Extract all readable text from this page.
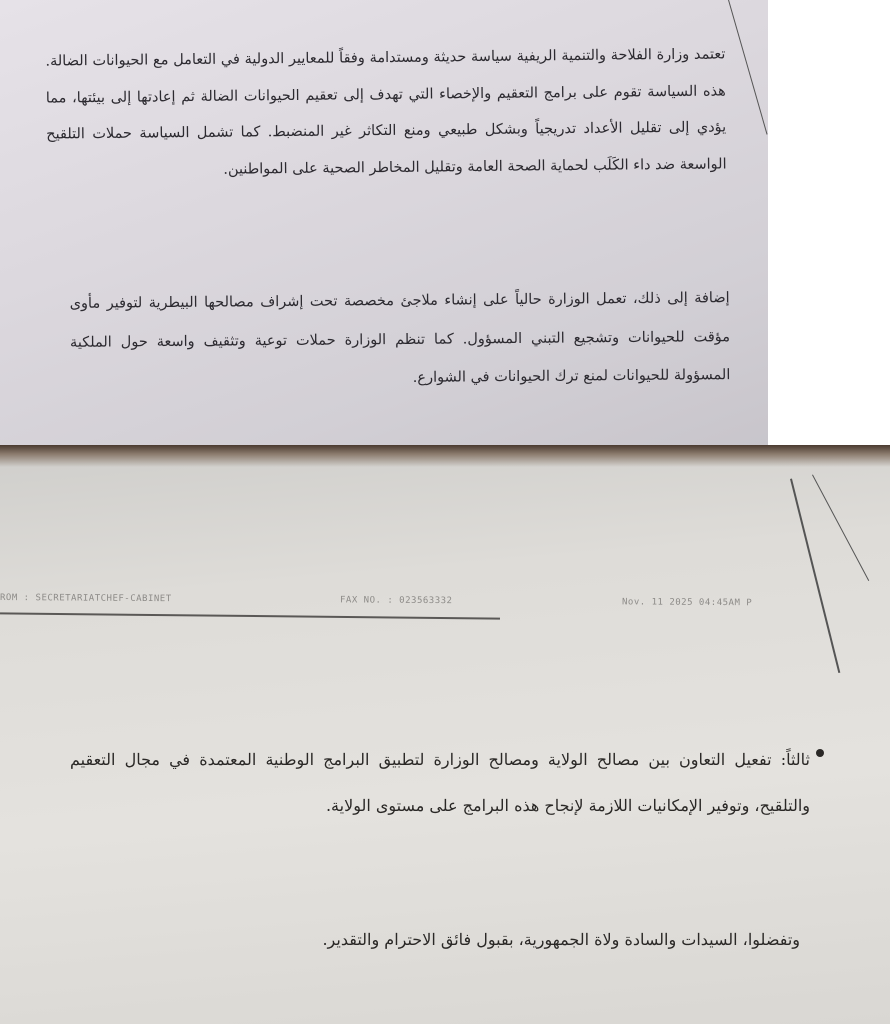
تعتمد وزارة الفلاحة والتنمية الريفية سياسة حديثة ومستدامة وفقاً للمعايير الدولية في التعامل مع الحيوانات الضالة. هذه السياسة تقوم على برامج التعقيم والإخصاء التي تهدف إلى تعقيم الحيوانات الضالة ثم إعادتها إلى بيئتها، مما يؤدي إلى تقليل الأعداد تدريجياً وبشكل طبيعي ومنع التكاثر غير المنضبط. كما تشمل السياسة حملات التلقيح الواسعة ضد داء الكَلَب لحماية الصحة العامة وتقليل المخاطر الصحية على المواطنين.

إضافة إلى ذلك، تعمل الوزارة حالياً على إنشاء ملاجئ مخصصة تحت إشراف مصالحها البيطرية لتوفير مأوى مؤقت للحيوانات وتشجيع التبني المسؤول. كما تنظم الوزارة حملات توعية وتثقيف واسعة حول الملكية المسؤولة للحيوانات لمنع ترك الحيوانات في الشوارع.

ROM : SECRETARIATCHEF-CABINET	FAX NO. : 023563332	Nov. 11 2025 04:45AM P

ثالثاً: تفعيل التعاون بين مصالح الولاية ومصالح الوزارة لتطبيق البرامج الوطنية المعتمدة في مجال التعقيم والتلقيح، وتوفير الإمكانيات اللازمة لإنجاح هذه البرامج على مستوى الولاية.

وتفضلوا، السيدات والسادة ولاة الجمهورية، بقبول فائق الاحترام والتقدير.
